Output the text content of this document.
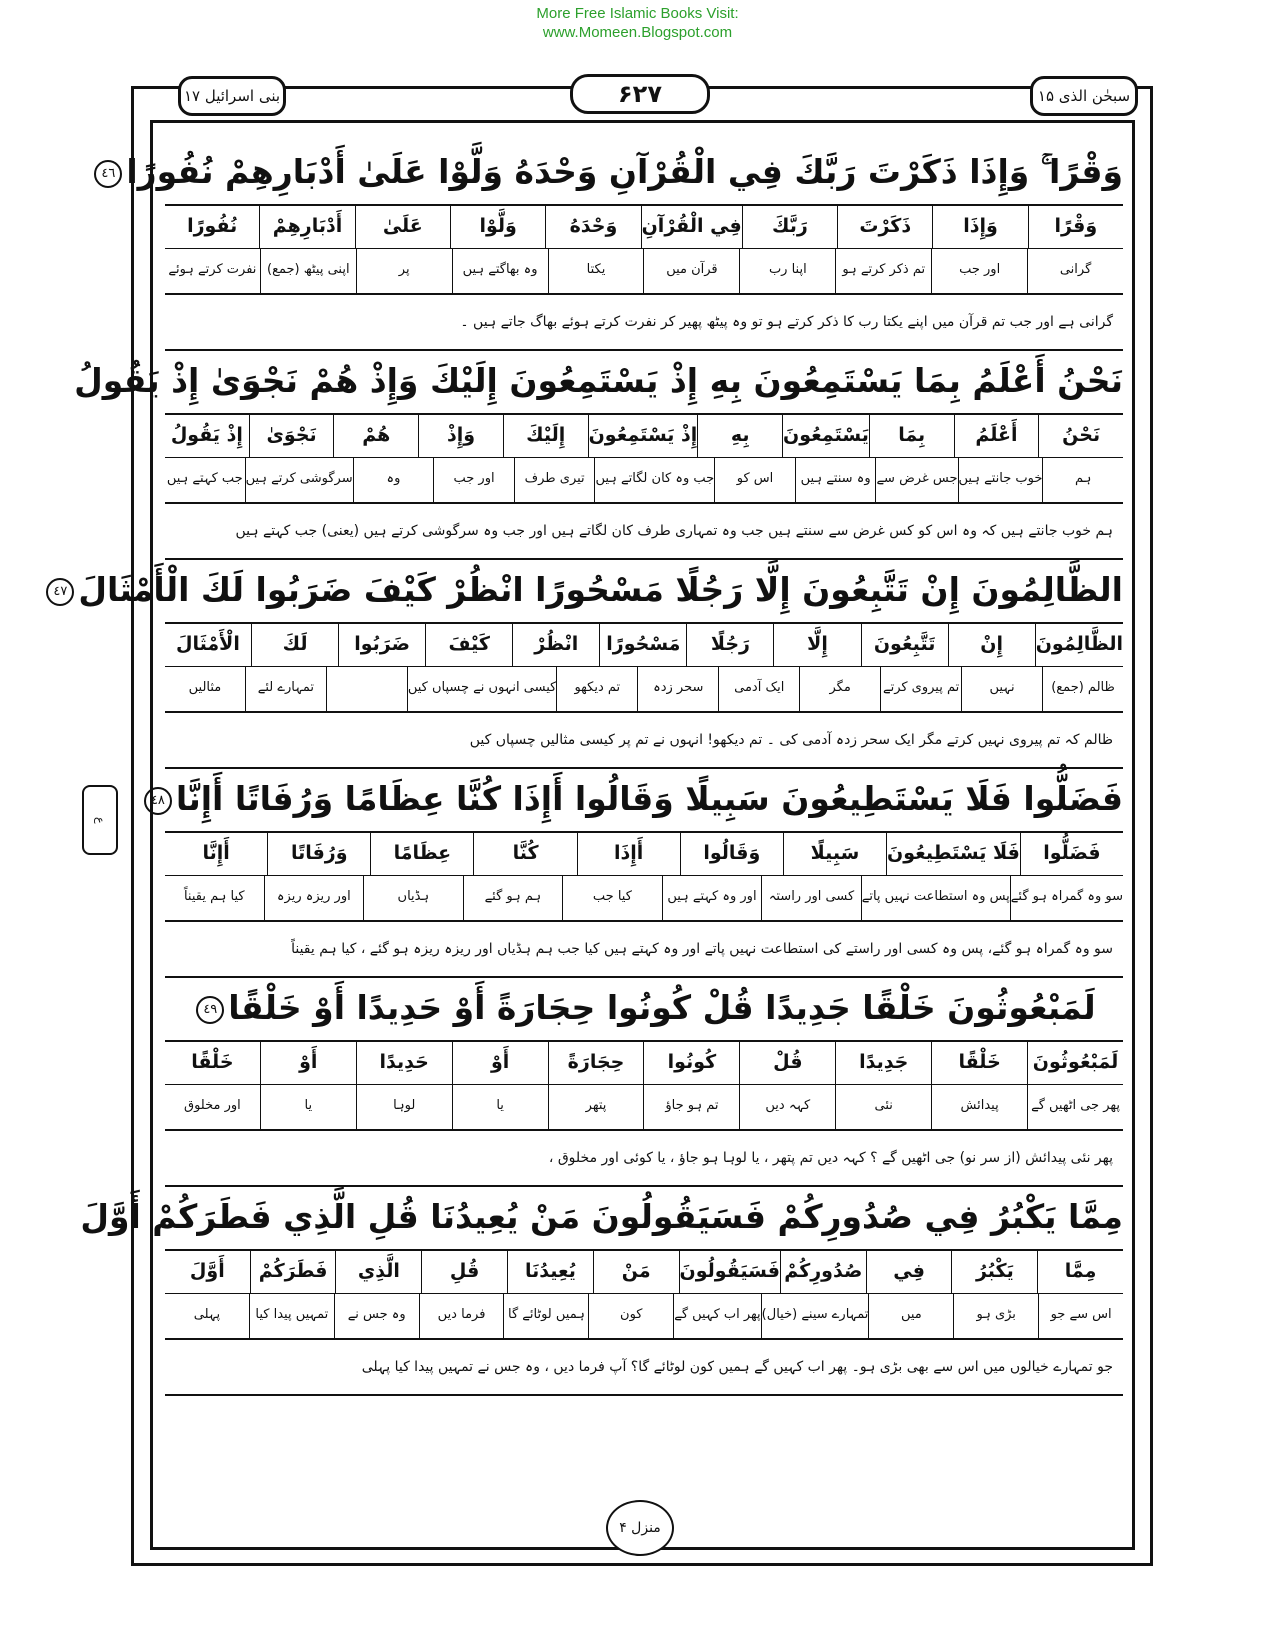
More Free Islamic Books Visit:
www.Momeen.Blogspot.com
بنی اسرائیل ۱۷	۶۲۷	سبحٰن الذی ۱۵
ع
وَقْرًا ۚ وَإِذَا ذَكَرْتَ رَبَّكَ فِي الْقُرْآنِ وَحْدَهُ وَلَّوْا عَلَىٰ أَدْبَارِهِمْ نُفُورًا٤٦
وَقْرًا
وَإِذَا
ذَكَرْتَ
رَبَّكَ
فِي الْقُرْآنِ
وَحْدَهُ
وَلَّوْا
عَلَىٰ
أَدْبَارِهِمْ
نُفُورًا
گرانی
اور جب
تم ذکر کرتے ہو
اپنا رب
قرآن میں
یکتا
وہ بھاگتے ہیں
پر
اپنی پیٹھ (جمع)
نفرت کرتے ہوئے
گرانی ہے اور جب تم قرآن میں اپنے یکتا رب کا ذکر کرتے ہو تو وہ پیٹھ پھیر کر نفرت کرتے ہوئے بھاگ جاتے ہیں ۔
نَحْنُ أَعْلَمُ بِمَا يَسْتَمِعُونَ بِهِ إِذْ يَسْتَمِعُونَ إِلَيْكَ وَإِذْ هُمْ نَجْوَىٰ إِذْ يَقُولُ
نَحْنُ
أَعْلَمُ
بِمَا
يَسْتَمِعُونَ
بِهِ
إِذْ يَسْتَمِعُونَ
إِلَيْكَ
وَإِذْ
هُمْ
نَجْوَىٰ
إِذْ يَقُولُ
ہم
خوب جانتے ہیں
جس غرض سے
وہ سنتے ہیں
اس کو
جب وہ کان لگاتے ہیں
تیری طرف
اور جب
وہ
سرگوشی کرتے ہیں
جب کہتے ہیں
ہم خوب جانتے ہیں کہ وہ اس کو کس غرض سے سنتے ہیں جب وہ تمہاری طرف کان لگاتے ہیں اور جب وہ سرگوشی کرتے ہیں (یعنی) جب کہتے ہیں
الظَّالِمُونَ إِنْ تَتَّبِعُونَ إِلَّا رَجُلًا مَسْحُورًا انْظُرْ كَيْفَ ضَرَبُوا لَكَ الْأَمْثَالَ٤٧
الظَّالِمُونَ
إِنْ
تَتَّبِعُونَ
إِلَّا
رَجُلًا
مَسْحُورًا
انْظُرْ
كَيْفَ
ضَرَبُوا
لَكَ
الْأَمْثَالَ
ظالم (جمع)
نہیں
تم پیروی کرتے
مگر
ایک آدمی
سحر زدہ
تم دیکھو
کیسی انہوں نے چسپاں کیں
تمہارے لئے
مثالیں
ظالم کہ تم پیروی نہیں کرتے مگر ایک سحر زدہ آدمی کی ۔ تم دیکھو! انہوں نے تم پر کیسی مثالیں چسپاں کیں
فَضَلُّوا فَلَا يَسْتَطِيعُونَ سَبِيلًا وَقَالُوا أَإِذَا كُنَّا عِظَامًا وَرُفَاتًا أَإِنَّا٤٨
فَضَلُّوا
فَلَا يَسْتَطِيعُونَ
سَبِيلًا
وَقَالُوا
أَإِذَا
كُنَّا
عِظَامًا
وَرُفَاتًا
أَإِنَّا
سو وہ گمراہ ہو گئے
پس وہ استطاعت نہیں پاتے
کسی اور راستہ
اور وہ کہتے ہیں
کیا جب
ہم ہو گئے
ہڈیاں
اور ریزہ ریزہ
کیا ہم یقیناً
سو وہ گمراہ ہو گئے، پس وہ کسی اور راستے کی استطاعت نہیں پاتے اور وہ کہتے ہیں کیا جب ہم ہڈیاں اور ریزہ ریزہ ہو گئے ، کیا ہم یقیناً
لَمَبْعُوثُونَ خَلْقًا جَدِيدًا قُلْ كُونُوا حِجَارَةً أَوْ حَدِيدًا أَوْ خَلْقًا٤٩
لَمَبْعُوثُونَ
خَلْقًا
جَدِيدًا
قُلْ
كُونُوا
حِجَارَةً
أَوْ
حَدِيدًا
أَوْ
خَلْقًا
پھر جی اٹھیں گے
پیدائش
نئی
کہہ دیں
تم ہو جاؤ
پتھر
یا
لوہا
یا
اور مخلوق
پھر نئی پیدائش (از سر نو) جی اٹھیں گے ؟ کہہ دیں تم پتھر ، یا لوہا ہو جاؤ ، یا کوئی اور مخلوق ،
مِمَّا يَكْبُرُ فِي صُدُورِكُمْ فَسَيَقُولُونَ مَنْ يُعِيدُنَا قُلِ الَّذِي فَطَرَكُمْ أَوَّلَ
مِمَّا
يَكْبُرُ
فِي
صُدُورِكُمْ
فَسَيَقُولُونَ
مَنْ
يُعِيدُنَا
قُلِ
الَّذِي
فَطَرَكُمْ
أَوَّلَ
اس سے جو
بڑی ہو
میں
تمہارے سینے (خیال)
پھر اب کہیں گے
کون
ہمیں لوٹائے گا
فرما دیں
وہ جس نے
تمہیں پیدا کیا
پہلی
جو تمہارے خیالوں میں اس سے بھی بڑی ہو۔ پھر اب کہیں گے ہمیں کون لوٹائے گا؟ آپ فرما دیں ، وہ جس نے تمہیں پیدا کیا پہلی
منزل ۴
